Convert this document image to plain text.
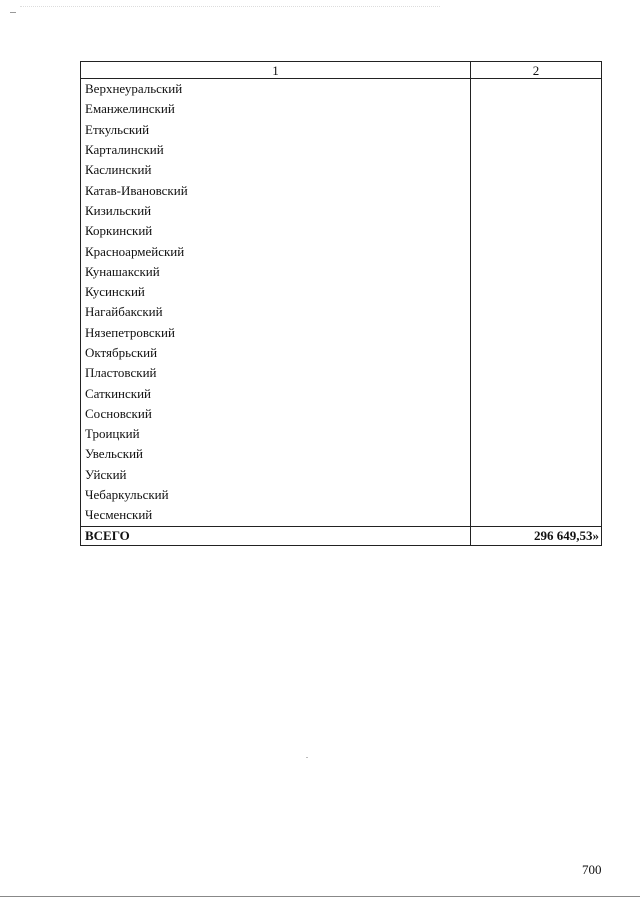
1	2
Верхнеуральский	
Еманжелинский	
Еткульский	
Карталинский	
Каслинский	
Катав-Ивановский	
Кизильский	
Коркинский	
Красноармейский	
Кунашакский	
Кусинский	
Нагайбакский	
Нязепетровский	
Октябрьский	
Пластовский	
Саткинский	
Сосновский	
Троицкий	
Увельский	
Уйский	
Чебаркульский	
Чесменский	
ВСЕГО	296 649,53»
700
